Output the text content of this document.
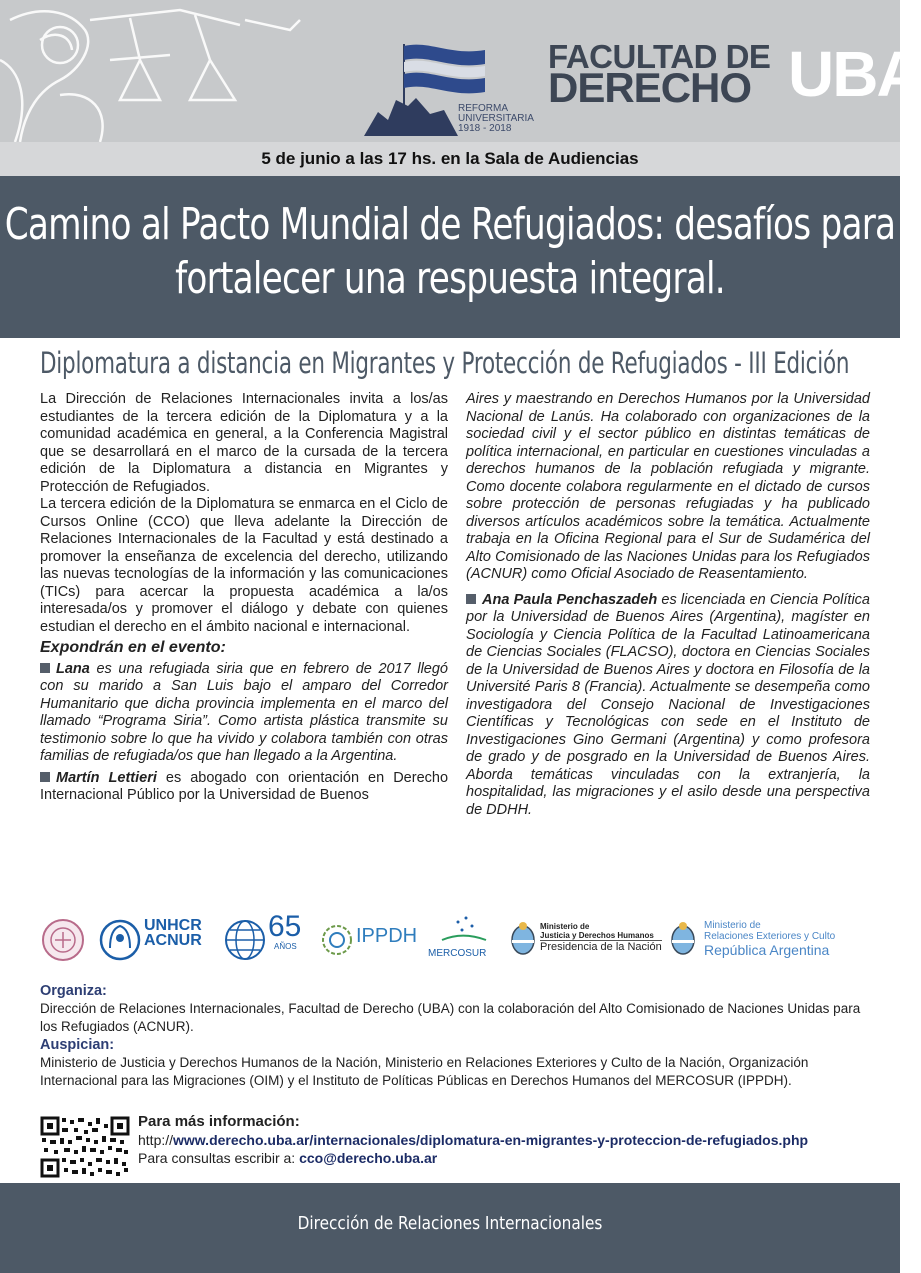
REFORMA
UNIVERSITARIA
1918 - 2018
FACULTAD DE
DERECHO UBA
5 de junio a las 17 hs. en la Sala de Audiencias
Camino al Pacto Mundial de Refugiados: desafíos para
fortalecer una respuesta integral.
Diplomatura a distancia en Migrantes y Protección de Refugiados - III Edición

La Dirección de Relaciones Internacionales invita a los/as estudiantes de la tercera edición de la Diplomatura y a la comunidad académica en general, a la Conferencia Magistral que se desarrollará en el marco de la cursada de la tercera edición de la Diplomatura a distancia en Migrantes y Protección de Refugiados.

La tercera edición de la Diplomatura se enmarca en el Ciclo de Cursos Online (CCO) que lleva adelante la Dirección de Relaciones Internacionales de la Facultad y está destinado a promover la enseñanza de excelencia del derecho, utilizando las nuevas tecnologías de la información y las comunicaciones (TICs) para acercar la propuesta académica a la/os interesada/os y promover el diálogo y debate con quienes estudian el derecho en el ámbito nacional e internacional.

Expondrán en el evento:

Lana es una refugiada siria que en febrero de 2017 llegó con su marido a San Luis bajo el amparo del Corredor Humanitario que dicha provincia implementa en el marco del llamado “Programa Siria”. Como artista plástica transmite su testimonio sobre lo que ha vivido y colabora también con otras familias de refugiada/os que han llegado a la Argentina.

Martín Lettieri es abogado con orientación en Derecho Internacional Público por la Universidad de Buenos

Aires y maestrando en Derechos Humanos por la Universidad Nacional de Lanús. Ha colaborado con organizaciones de la sociedad civil y el sector público en distintas temáticas de política internacional, en particular en cuestiones vinculadas a derechos humanos de la población refugiada y migrante. Como docente colabora regularmente en el dictado de cursos sobre protección de personas refugiadas y ha publicado diversos artículos académicos sobre la temática. Actualmente trabaja en la Oficina Regional para el Sur de Sudamérica del Alto Comisionado de las Naciones Unidas para los Refugiados (ACNUR) como Oficial Asociado de Reasentamiento.

Ana Paula Penchaszadeh es licenciada en Ciencia Política por la Universidad de Buenos Aires (Argentina), magíster en Sociología y Ciencia Política de la Facultad Latinoamericana de Ciencias Sociales (FLACSO), doctora en Ciencias Sociales de la Universidad de Buenos Aires y doctora en Filosofía de la Université Paris 8 (Francia). Actualmente se desempeña como investigadora del Consejo Nacional de Investigaciones Científicas y Tecnológicas con sede en el Instituto de Investigaciones Gino Germani (Argentina) y como profesora de grado y de posgrado en la Universidad de Buenos Aires. Aborda temáticas vinculadas con la extranjería, la hospitalidad, las migraciones y el asilo desde una perspectiva de DDHH.

UNHCR
ACNUR 65
AÑOS	IPPDH
MERCOSUR
Ministerio de
Justicia y Derechos Humanos
Presidencia de la Nación
Ministerio de
Relaciones Exteriores y Culto
República Argentina

Organiza:

Dirección de Relaciones Internacionales, Facultad de Derecho (UBA) con la colaboración del Alto Comisionado de Naciones Unidas para los Refugiados (ACNUR).

Auspician:

Ministerio de Justicia y Derechos Humanos de la Nación, Ministerio en Relaciones Exteriores y Culto de la Nación, Organización Internacional para las Migraciones (OIM) y el Instituto de Políticas Públicas en Derechos Humanos del MERCOSUR (IPPDH).

Para más información:
http://www.derecho.uba.ar/internacionales/diplomatura-en-migrantes-y-proteccion-de-refugiados.php
Para consultas escribir a: cco@derecho.uba.ar
Dirección de Relaciones Internacionales
